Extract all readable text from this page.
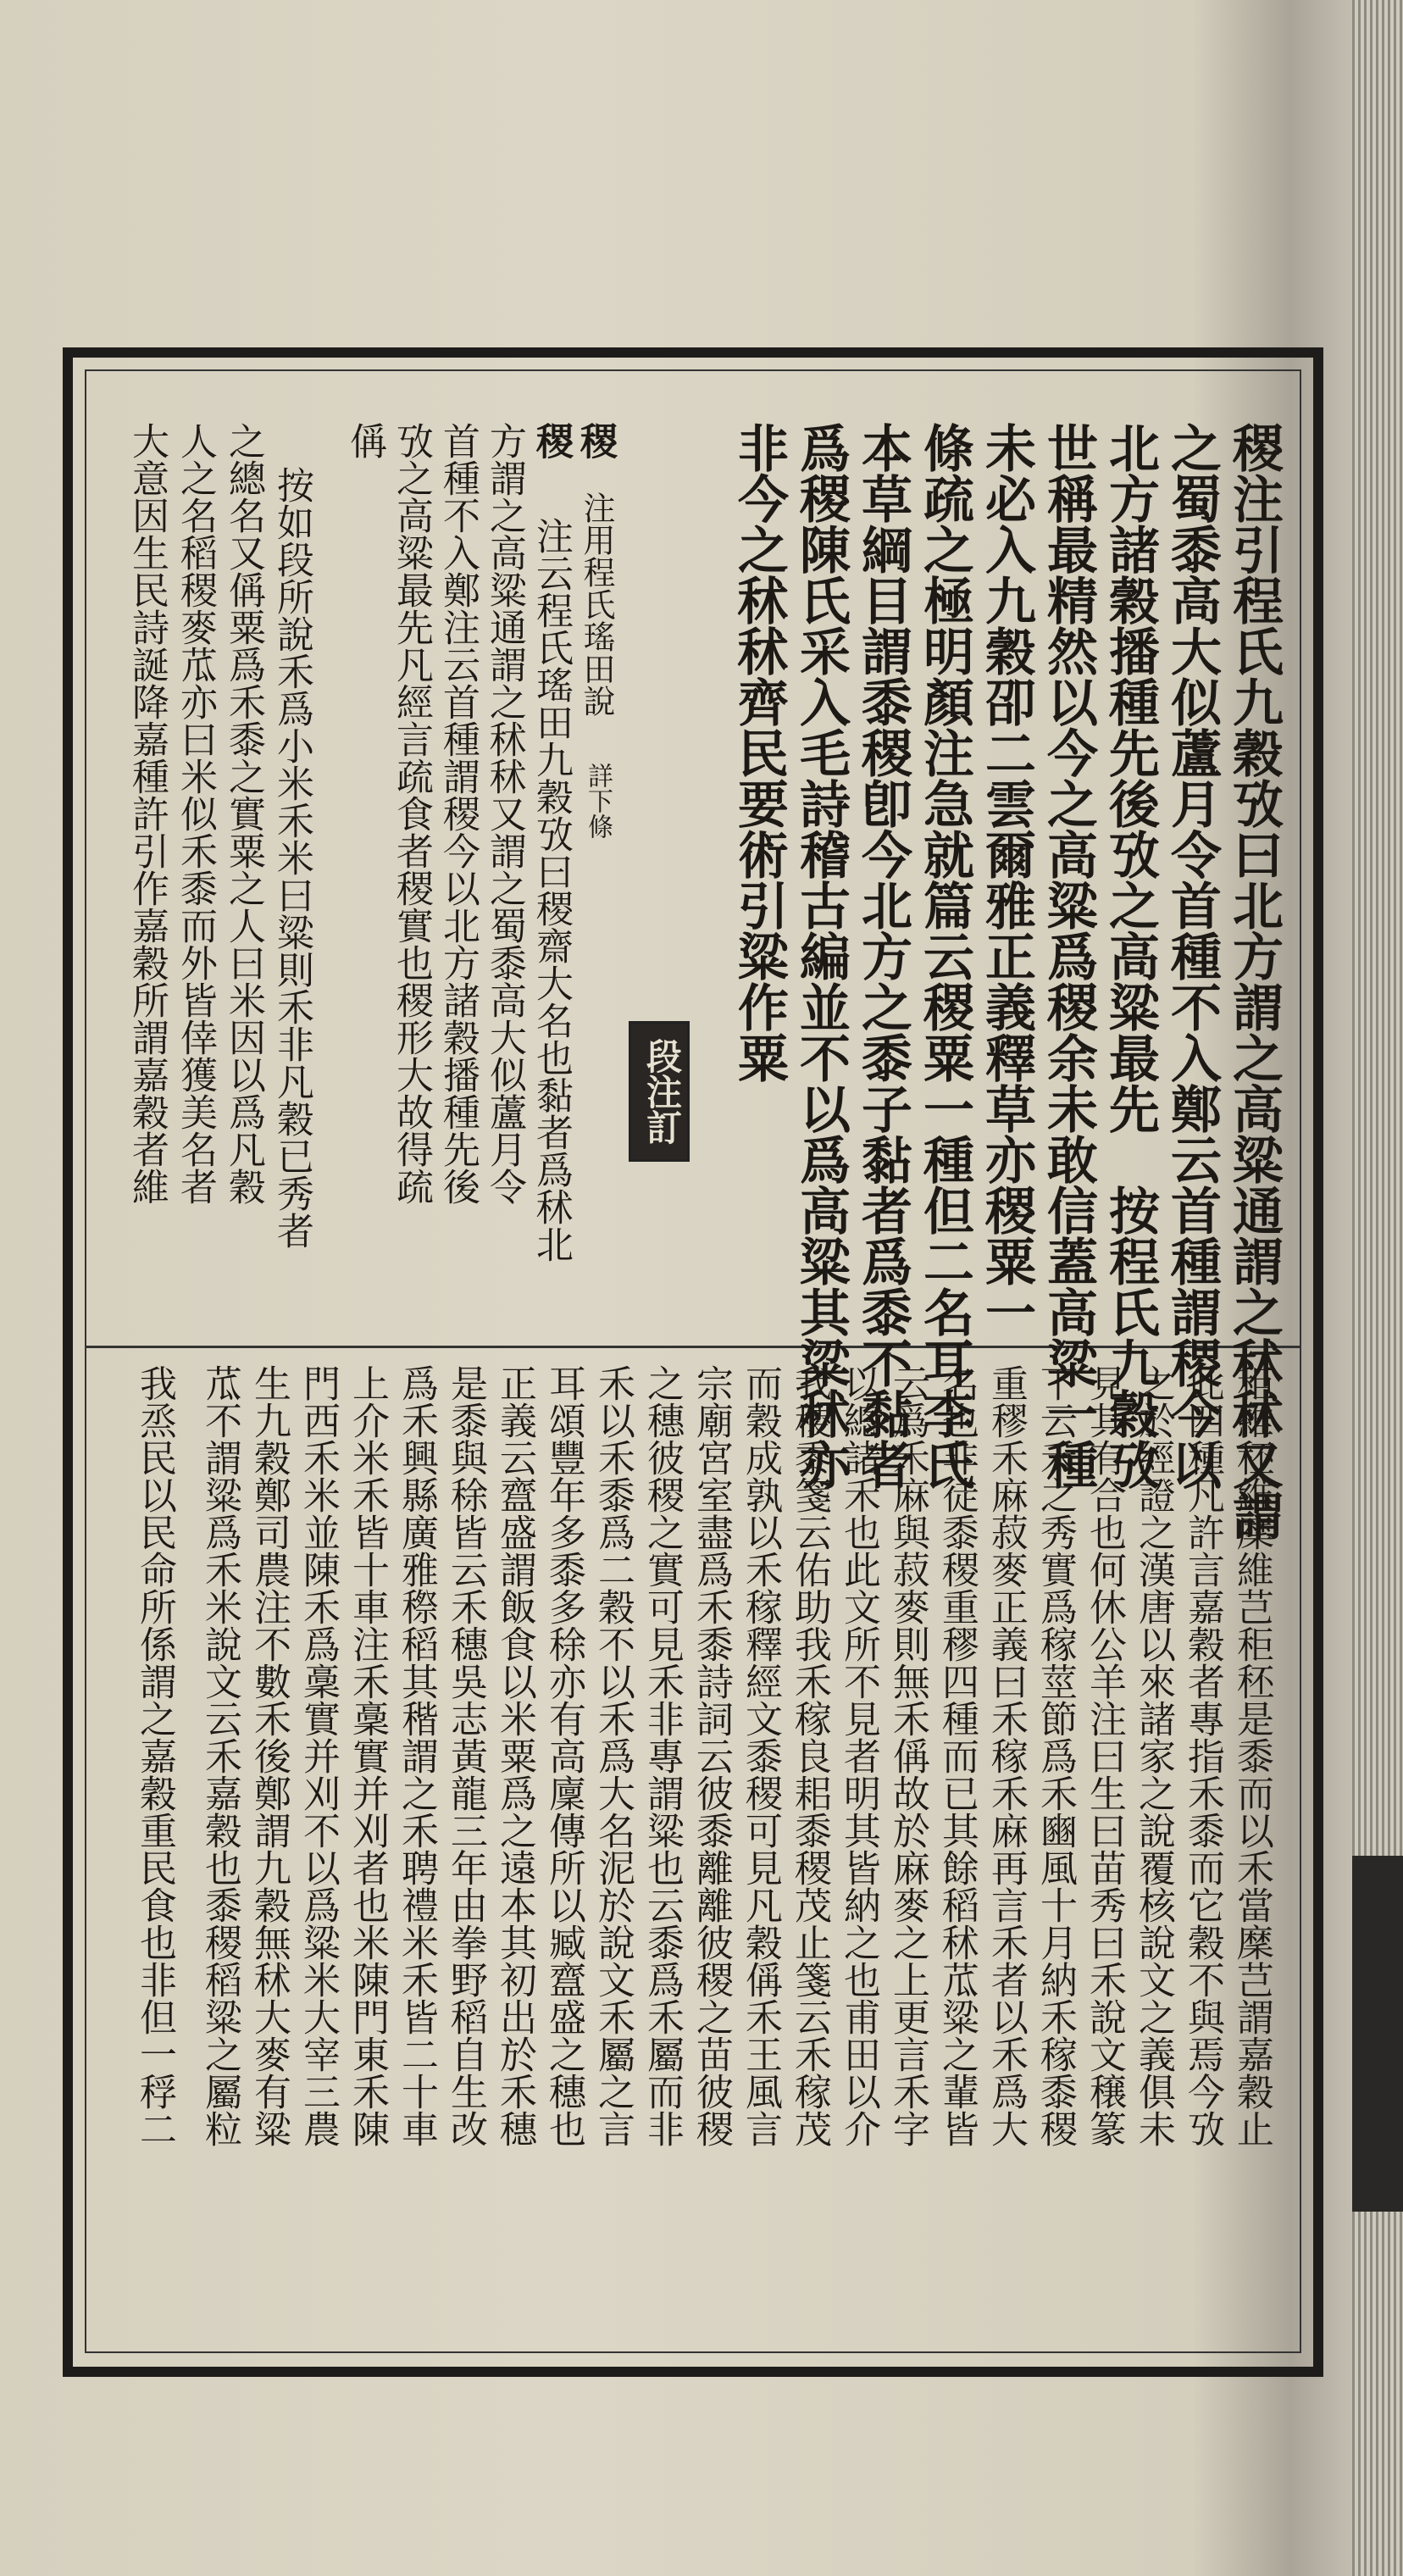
稷注引程氏九穀攷曰北方謂之高粱通謂之秫秫又謂
之蜀黍高大似蘆月令首種不入鄭云首種謂稷今以
北方諸穀播種先後攷之高粱最先　按程氏九穀攷
世稱最精然以今之高粱爲稷余未敢信蓋高粱一種
未必入九穀卲二雲爾雅正義釋草亦稷粟一
條疏之極明顏注急就篇云稷粟一種但二名耳李氏
本草綱目謂黍稷卽今北方之黍子黏者爲黍不黏者
爲稷陳氏采入毛詩稽古編並不以爲高粱其粱秫亦
非今之秫秫齊民要術引粱作粟
段注訂
稷
注用程氏瑤田說
詳下條
稷
注云程氏瑤田九穀攷曰稷齋大名也黏者爲秫北
方謂之高粱通謂之秫秫又謂之蜀黍高大似蘆月令
首種不入鄭注云首種謂稷今以北方諸穀播種先後
攷之高粱最先凡經言疏食者稷實也稷形大故得疏
偁
按如段所說禾爲小米禾米曰粱則禾非凡穀已秀者
之總名又偁粟爲禾黍之實粟之人曰米因以爲凡穀
人之名稻稷麥苽亦曰米似禾黍而外皆倖獲美名者
大意因生民詩誕降嘉種許引作嘉穀所謂嘉穀者維
秬維秠維穈維芑秬秠是黍而以禾當穈芑謂嘉穀止
此四種凡許言嘉穀者專指禾黍而它穀不與焉今攷
之於經證之漢唐以來諸家之說覆核說文之義俱未
見其有合也何休公羊注曰生曰苗秀曰禾說文穣篆
下云禾之秀實爲稼莖節爲禾豳風十月納禾稼黍稷
重穋禾麻菽麥正義曰禾稼禾麻再言禾者以禾爲大
名也非徒黍稷重穋四種而已其餘稻秫苽粱之輩皆
云爲禾麻與菽麥則無禾偁故於麻麥之上更言禾字
以總諸禾也此文所不見者明其皆納之也甫田以介
我稷黍箋云佑助我禾稼良耜黍稷茂止箋云禾稼茂
而穀成孰以禾稼釋經文黍稷可見凡穀偁禾王風言
宗廟宮室盡爲禾黍詩詞云彼黍離離彼稷之苗彼稷
之穗彼稷之實可見禾非專謂粱也云黍爲禾屬而非
禾以禾黍爲二穀不以禾爲大名泥於說文禾屬之言
耳頌豐年多黍多稌亦有高廩傳所以臧齍盛之穗也
正義云齍盛謂飯食以米粟爲之遠本其初出於禾穗
是黍與稌皆云禾穗吳志黃龍三年由拳野稻自生改
爲禾興縣廣雅穄稻其稭謂之禾聘禮米禾皆二十車
上介米禾皆十車注禾稾實并刈者也米陳門東禾陳
門西禾米並陳禾爲稾實并刈不以爲粱米大宰三農
生九穀鄭司農注不數禾後鄭謂九穀無秫大麥有粱
苽不謂粱爲禾米說文云禾嘉穀也黍稷稻粱之屬粒
我烝民以民命所係謂之嘉穀重民食也非但一稃二
